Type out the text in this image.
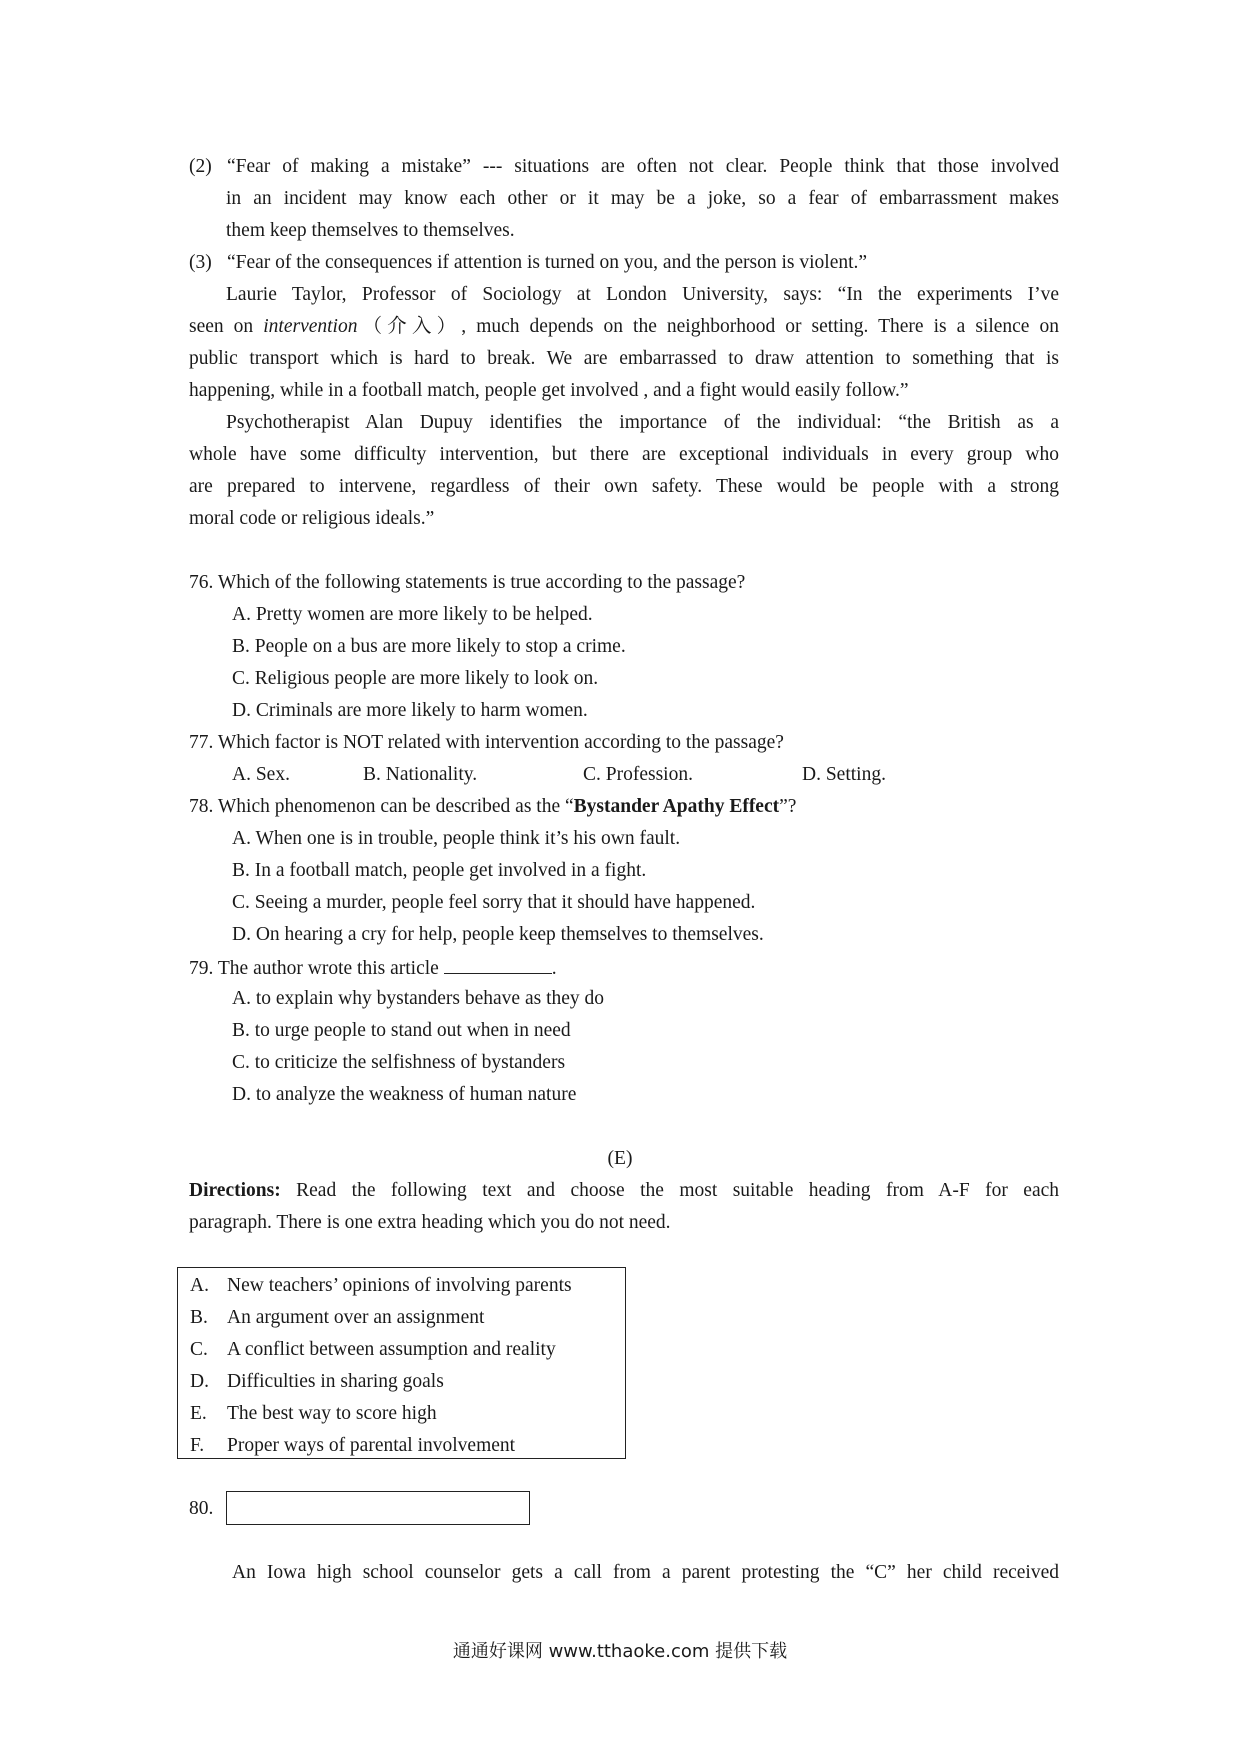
(2) “Fear of making a mistake” --- situations are often not clear. People think that those involved
in an incident may know each other or it may be a joke, so a fear of embarrassment makes
them keep themselves to themselves.
(3) “Fear of the consequences if attention is turned on you, and the person is violent.”
Laurie Taylor, Professor of Sociology at London University, says: “In the experiments I’ve
seen on intervention（介入）, much depends on the neighborhood or setting. There is a silence on
public transport which is hard to break. We are embarrassed to draw attention to something that is
happening, while in a football match, people get involved , and a fight would easily follow.”
Psychotherapist Alan Dupuy identifies the importance of the individual: “the British as a
whole have some difficulty intervention, but there are exceptional individuals in every group who
are prepared to intervene, regardless of their own safety. These would be people with a strong
moral code or religious ideals.”
76. Which of the following statements is true according to the passage?
A. Pretty women are more likely to be helped.
B. People on a bus are more likely to stop a crime.
C. Religious people are more likely to look on.
D. Criminals are more likely to harm women.
77. Which factor is NOT related with intervention according to the passage?
A. Sex.	B. Nationality.	C. Profession.	D. Setting.
78. Which phenomenon can be described as the “Bystander Apathy Effect”?
A. When one is in trouble, people think it’s his own fault.
B. In a football match, people get involved in a fight.
C. Seeing a murder, people feel sorry that it should have happened.
D. On hearing a cry for help, people keep themselves to themselves.
79. The author wrote this article	.
A. to explain why bystanders behave as they do
B. to urge people to stand out when in need
C. to criticize the selfishness of bystanders
D. to analyze the weakness of human nature
(E)
Directions: Read the following text and choose the most suitable heading from A-F for each
paragraph. There is one extra heading which you do not need.
A. New teachers’ opinions of involving parents
B. An argument over an assignment
C. A conflict between assumption and reality
D. Difficulties in sharing goals
E. The best way to score high
F. Proper ways of parental involvement
80.
An Iowa high school counselor gets a call from a parent protesting the “C” her child received
通通好课网 www.tthaoke.com 提供下载
